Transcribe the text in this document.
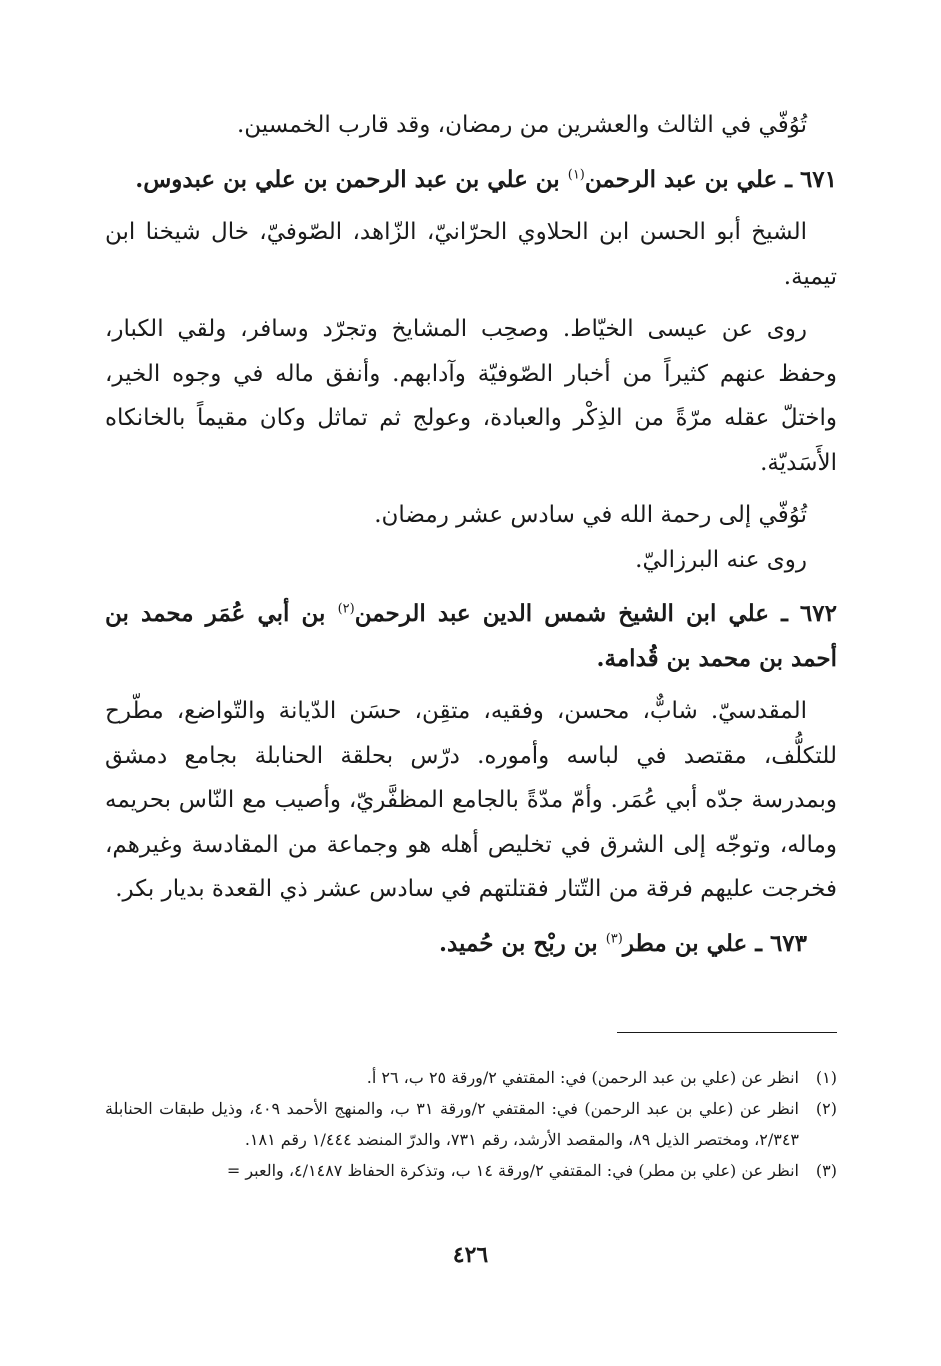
تُوُفّي في الثالث والعشرين من رمضان، وقد قارب الخمسين.

٦٧١ ـ علي بن عبد الرحمن$^{(١)}$ بن علي بن عبد الرحمن بن علي بن عبدوس.

الشيخ أبو الحسن ابن الحلاوي الحرّانيّ، الزّاهد، الصّوفيّ، خال شيخنا ابن تيمية.

روى عن عيسى الخيّاط. وصحِب المشايخ وتجرّد وسافر، ولقي الكبار، وحفظ عنهم كثيراً من أخبار الصّوفيّة وآدابهم. وأنفق ماله في وجوه الخير، واختلّ عقله مرّةً من الذِكْر والعبادة، وعولج ثم تماثل وكان مقيماً بالخانكاه الأَسَديّة.

تُوُفّي إلى رحمة الله في سادس عشر رمضان.

روى عنه البرزاليّ.

٦٧٢ ـ علي ابن الشيخ شمس الدين عبد الرحمن$^{(٢)}$ بن أبي عُمَر محمد بن أحمد بن محمد بن قُدامة.

المقدسيّ. شابٌّ، محسن، وفقيه، متقِن، حسَن الدّيانة والتّواضع، مطّرح للتكلُّف، مقتصد في لباسه وأموره. درّس بحلقة الحنابلة بجامع دمشق وبمدرسة جدّه أبي عُمَر. وأمّ مدّةً بالجامع المظفَّريّ، وأصيب مع النّاس بحريمه وماله، وتوجّه إلى الشرق في تخليص أهله هو وجماعة من المقادسة وغيرهم، فخرجت عليهم فرقة من التّتار فقتلتهم في سادس عشر ذي القعدة بديار بكر.

٦٧٣ ـ علي بن مطر$^{(٣)}$ بن ربْح بن حُميد.

(١)
انظر عن (علي بن عبد الرحمن) في: المقتفي ٢/ورقة ٢٥ ب، ٢٦ أ.
(٢)
انظر عن (علي بن عبد الرحمن) في: المقتفي ٢/ورقة ٣١ ب، والمنهج الأحمد ٤٠٩، وذيل طبقات الحنابلة ٢/٣٤٣، ومختصر الذيل ٨٩، والمقصد الأرشد، رقم ٧٣١، والدرّ المنضد ١/٤٤٤ رقم ١٨١.
(٣)
انظر عن (علي بن مطر) في: المقتفي ٢/ورقة ١٤ ب، وتذكرة الحفاظ ٤/١٤٨٧، والعبر =
٤٢٦
